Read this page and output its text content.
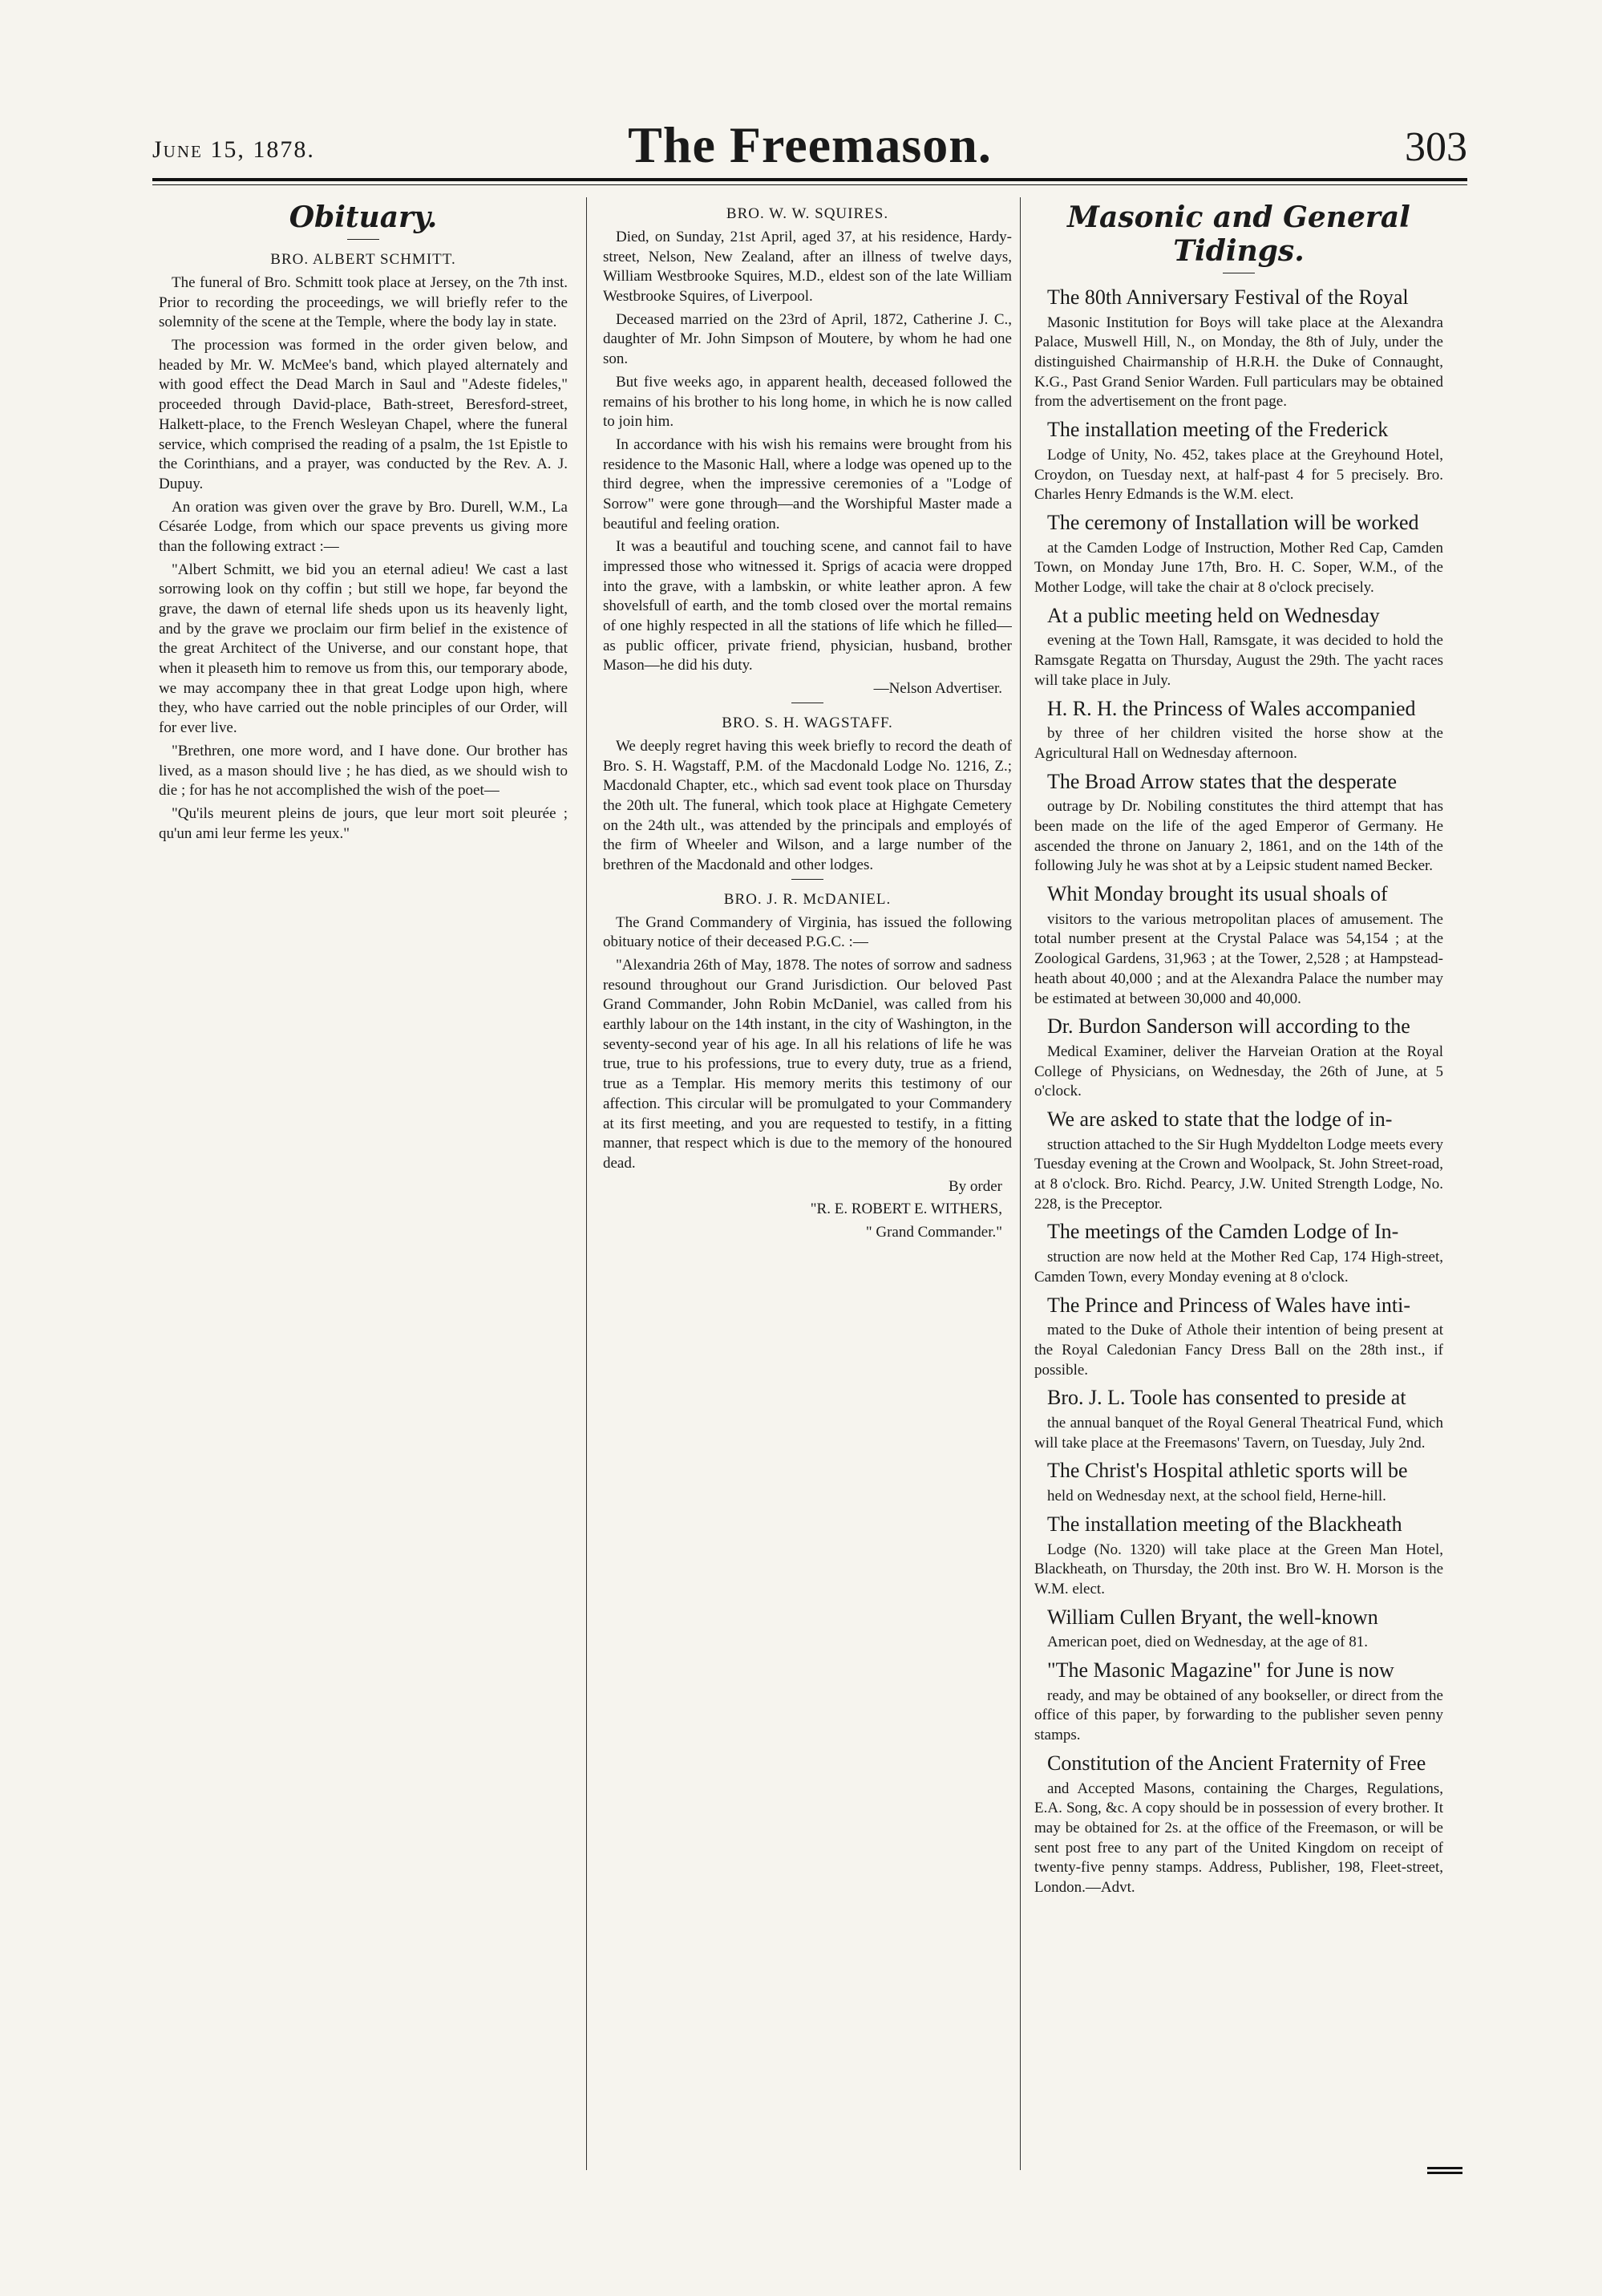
June 15, 1878.	The Freemason.	303
Obituary.
BRO. ALBERT SCHMITT.

The funeral of Bro. Schmitt took place at Jersey, on the 7th inst. Prior to recording the proceedings, we will briefly refer to the solemnity of the scene at the Temple, where the body lay in state.

The procession was formed in the order given below, and headed by Mr. W. McMee's band, which played alternately and with good effect the Dead March in Saul and "Adeste fideles," proceeded through David-place, Bath-street, Beresford-street, Halkett-place, to the French Wesleyan Chapel, where the funeral service, which comprised the reading of a psalm, the 1st Epistle to the Corinthians, and a prayer, was conducted by the Rev. A. J. Dupuy.

An oration was given over the grave by Bro. Durell, W.M., La Césarée Lodge, from which our space prevents us giving more than the following extract :—

"Albert Schmitt, we bid you an eternal adieu! We cast a last sorrowing look on thy coffin ; but still we hope, far beyond the grave, the dawn of eternal life sheds upon us its heavenly light, and by the grave we proclaim our firm belief in the existence of the great Architect of the Universe, and our constant hope, that when it pleaseth him to remove us from this, our temporary abode, we may accompany thee in that great Lodge upon high, where they, who have carried out the noble principles of our Order, will for ever live.

"Brethren, one more word, and I have done. Our brother has lived, as a mason should live ; he has died, as we should wish to die ; for has he not accomplished the wish of the poet—

"Qu'ils meurent pleins de jours, que leur mort soit pleurée ; qu'un ami leur ferme les yeux."

BRO. W. W. SQUIRES.

Died, on Sunday, 21st April, aged 37, at his residence, Hardy-street, Nelson, New Zealand, after an illness of twelve days, William Westbrooke Squires, M.D., eldest son of the late William Westbrooke Squires, of Liverpool.

Deceased married on the 23rd of April, 1872, Catherine J. C., daughter of Mr. John Simpson of Moutere, by whom he had one son.

But five weeks ago, in apparent health, deceased followed the remains of his brother to his long home, in which he is now called to join him.

In accordance with his wish his remains were brought from his residence to the Masonic Hall, where a lodge was opened up to the third degree, when the impressive ceremonies of a "Lodge of Sorrow" were gone through—and the Worshipful Master made a beautiful and feeling oration.

It was a beautiful and touching scene, and cannot fail to have impressed those who witnessed it. Sprigs of acacia were dropped into the grave, with a lambskin, or white leather apron. A few shovelsfull of earth, and the tomb closed over the mortal remains of one highly respected in all the stations of life which he filled—as public officer, private friend, physician, husband, brother Mason—he did his duty.

—Nelson Advertiser.
BRO. S. H. WAGSTAFF.

We deeply regret having this week briefly to record the death of Bro. S. H. Wagstaff, P.M. of the Macdonald Lodge No. 1216, Z.; Macdonald Chapter, etc., which sad event took place on Thursday the 20th ult. The funeral, which took place at Highgate Cemetery on the 24th ult., was attended by the principals and employés of the firm of Wheeler and Wilson, and a large number of the brethren of the Macdonald and other lodges.

BRO. J. R. McDANIEL.

The Grand Commandery of Virginia, has issued the following obituary notice of their deceased P.G.C. :—

"Alexandria 26th of May, 1878. The notes of sorrow and sadness resound throughout our Grand Jurisdiction. Our beloved Past Grand Commander, John Robin McDaniel, was called from his earthly labour on the 14th instant, in the city of Washington, in the seventy-second year of his age. In all his relations of life he was true, true to his professions, true to every duty, true as a friend, true as a Templar. His memory merits this testimony of our affection. This circular will be promulgated to your Commandery at its first meeting, and you are requested to testify, in a fitting manner, that respect which is due to the memory of the honoured dead.

By order
"R. E. ROBERT E. WITHERS,
" Grand Commander."
Masonic and General Tidings.

The 80th Anniversary Festival of the Royal

Masonic Institution for Boys will take place at the Alexandra Palace, Muswell Hill, N., on Monday, the 8th of July, under the distinguished Chairmanship of H.R.H. the Duke of Connaught, K.G., Past Grand Senior Warden. Full particulars may be obtained from the advertisement on the front page.

The installation meeting of the Frederick

Lodge of Unity, No. 452, takes place at the Greyhound Hotel, Croydon, on Tuesday next, at half-past 4 for 5 precisely. Bro. Charles Henry Edmands is the W.M. elect.

The ceremony of Installation will be worked

at the Camden Lodge of Instruction, Mother Red Cap, Camden Town, on Monday June 17th, Bro. H. C. Soper, W.M., of the Mother Lodge, will take the chair at 8 o'clock precisely.

At a public meeting held on Wednesday

evening at the Town Hall, Ramsgate, it was decided to hold the Ramsgate Regatta on Thursday, August the 29th. The yacht races will take place in July.

H. R. H. the Princess of Wales accompanied

by three of her children visited the horse show at the Agricultural Hall on Wednesday afternoon.

The Broad Arrow states that the desperate

outrage by Dr. Nobiling constitutes the third attempt that has been made on the life of the aged Emperor of Germany. He ascended the throne on January 2, 1861, and on the 14th of the following July he was shot at by a Leipsic student named Becker.

Whit Monday brought its usual shoals of

visitors to the various metropolitan places of amusement. The total number present at the Crystal Palace was 54,154 ; at the Zoological Gardens, 31,963 ; at the Tower, 2,528 ; at Hampstead-heath about 40,000 ; and at the Alexandra Palace the number may be estimated at between 30,000 and 40,000.

Dr. Burdon Sanderson will according to the

Medical Examiner, deliver the Harveian Oration at the Royal College of Physicians, on Wednesday, the 26th of June, at 5 o'clock.

We are asked to state that the lodge of in-

struction attached to the Sir Hugh Myddelton Lodge meets every Tuesday evening at the Crown and Woolpack, St. John Street-road, at 8 o'clock. Bro. Richd. Pearcy, J.W. United Strength Lodge, No. 228, is the Preceptor.

The meetings of the Camden Lodge of In-

struction are now held at the Mother Red Cap, 174 High-street, Camden Town, every Monday evening at 8 o'clock.

The Prince and Princess of Wales have inti-

mated to the Duke of Athole their intention of being present at the Royal Caledonian Fancy Dress Ball on the 28th inst., if possible.

Bro. J. L. Toole has consented to preside at

the annual banquet of the Royal General Theatrical Fund, which will take place at the Freemasons' Tavern, on Tuesday, July 2nd.

The Christ's Hospital athletic sports will be

held on Wednesday next, at the school field, Herne-hill.

The installation meeting of the Blackheath

Lodge (No. 1320) will take place at the Green Man Hotel, Blackheath, on Thursday, the 20th inst. Bro W. H. Morson is the W.M. elect.

William Cullen Bryant, the well-known

American poet, died on Wednesday, at the age of 81.

"The Masonic Magazine" for June is now

ready, and may be obtained of any bookseller, or direct from the office of this paper, by forwarding to the publisher seven penny stamps.

Constitution of the Ancient Fraternity of Free

and Accepted Masons, containing the Charges, Regulations, E.A. Song, &c. A copy should be in possession of every brother. It may be obtained for 2s. at the office of the Freemason, or will be sent post free to any part of the United Kingdom on receipt of twenty-five penny stamps. Address, Publisher, 198, Fleet-street, London.—Advt.
